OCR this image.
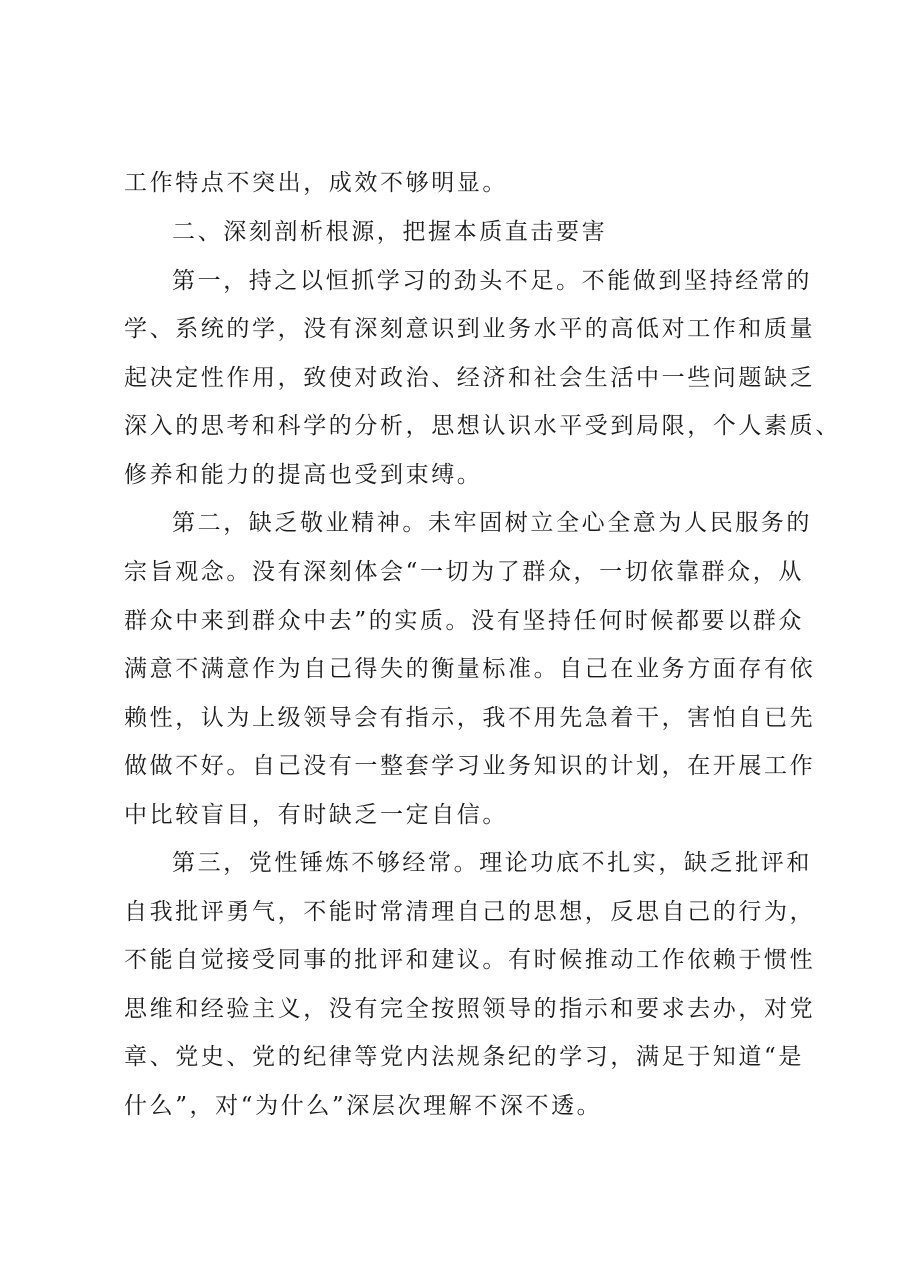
工作特点不突出，成效不够明显。
二、深刻剖析根源，把握本质直击要害
第一，持之以恒抓学习的劲头不足。不能做到坚持经常的
学、系统的学，没有深刻意识到业务水平的高低对工作和质量
起决定性作用，致使对政治、经济和社会生活中一些问题缺乏
深入的思考和科学的分析，思想认识水平受到局限，个人素质、
修养和能力的提高也受到束缚。
第二，缺乏敬业精神。未牢固树立全心全意为人民服务的
宗旨观念。没有深刻体会“一切为了群众，一切依靠群众，从
群众中来到群众中去”的实质。没有坚持任何时候都要以群众
满意不满意作为自己得失的衡量标准。自己在业务方面存有依
赖性，认为上级领导会有指示，我不用先急着干，害怕自已先
做做不好。自己没有一整套学习业务知识的计划，在开展工作
中比较盲目，有时缺乏一定自信。
第三，党性锤炼不够经常。理论功底不扎实，缺乏批评和
自我批评勇气，不能时常清理自己的思想，反思自己的行为，
不能自觉接受同事的批评和建议。有时候推动工作依赖于惯性
思维和经验主义，没有完全按照领导的指示和要求去办，对党
章、党史、党的纪律等党内法规条纪的学习，满足于知道“是
什么”，对“为什么”深层次理解不深不透。
